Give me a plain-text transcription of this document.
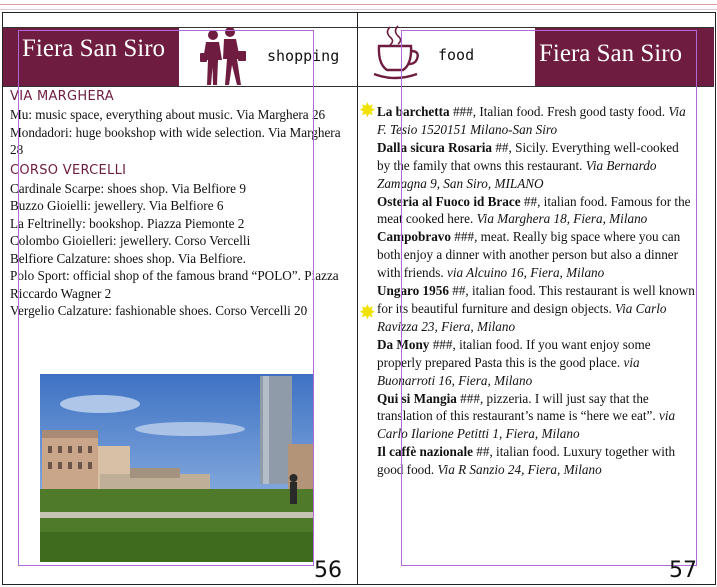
Fiera San Siro	shopping	food	Fiera San Siro

VIA MARGHERA

Mu: music space, everything about music. Via Marghera 26

Mondadori: huge bookshop with wide selection. Via Marghera 28

CORSO VERCELLI

Cardinale Scarpe: shoes shop. Via Belfiore 9

Buzzo Gioielli: jewellery. Via Belfiore 6

La Feltrinelly: bookshop. Piazza Piemonte 2

Colombo Gioielleri: jewellery. Corso Vercelli

Belfiore Calzature: shoes shop. Via Belfiore.

Polo Sport: official shop of the famous brand “POLO”. Piazza Riccardo Wagner 2

Vergelio Calzature: fashionable shoes. Corso Vercelli 20

✸
✸

La barchetta ###, Italian food. Fresh good tasty food. Via F. Tesio 1520151 Milano-San Siro

Dalla sicura Rosaria ##, Sicily. Everything well-cooked by the family that owns this restaurant. Via Bernardo Zamagna 9, San Siro, MILANO

Osteria al Fuoco id Brace ##, italian food. Famous for the meat cooked here. Via Marghera 18, Fiera, Milano

Campobravo ###, meat. Really big space where you can both enjoy a dinner with another person but also a dinner with friends. via Alcuino 16, Fiera, Milano

Ungaro 1956 ##, italian food. This restaurant is well known for its beautiful furniture and design objects. Via Carlo Ravizza 23, Fiera, Milano

Da Mony ###, italian food. If you want enjoy some properly prepared Pasta this is the good place. via Buonarroti 16, Fiera, Milano

Qui si Mangia ###, pizzeria. I will just say that the translation of this restaurant’s name is “here we eat”. via Carlo Ilarione Petitti 1, Fiera, Milano

Il caffè nazionale ##, italian food. Luxury together with good food. Via R Sanzio 24, Fiera, Milano

56	57
